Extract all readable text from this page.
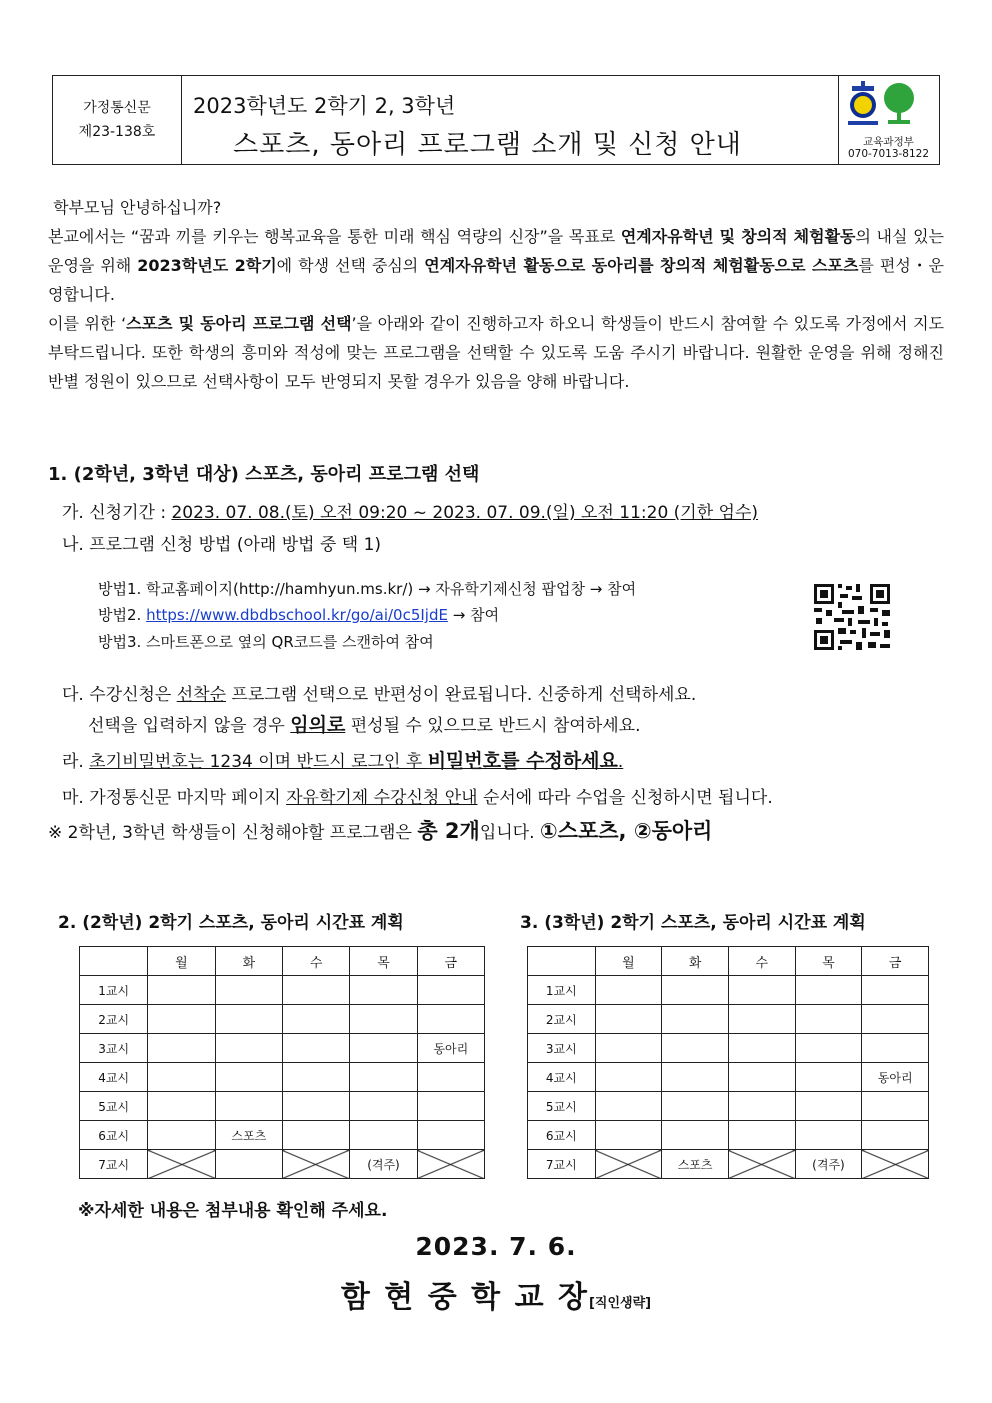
가정통신문
제23-138호
2023학년도 2학기 2, 3학년
스포츠, 동아리 프로그램 소개 및 신청 안내	교육과정부
070-7013-8122

학부모님 안녕하십니까?

본교에서는 “꿈과 끼를 키우는 행복교육을 통한 미래 핵심 역량의 신장”을 목표로 연계자유학년 및 창의적 체험활동의 내실 있는 운영을 위해 2023학년도 2학기에 학생 선택 중심의 연계자유학년 활동으로 동아리를 창의적 체험활동으로 스포츠를 편성・운영합니다.

이를 위한 ‘스포츠 및 동아리 프로그램 선택’을 아래와 같이 진행하고자 하오니 학생들이 반드시 참여할 수 있도록 가정에서 지도 부탁드립니다. 또한 학생의 흥미와 적성에 맞는 프로그램을 선택할 수 있도록 도움 주시기 바랍니다. 원활한 운영을 위해 정해진 반별 정원이 있으므로 선택사항이 모두 반영되지 못할 경우가 있음을 양해 바랍니다.

1. (2학년, 3학년 대상) 스포츠, 동아리 프로그램 선택
가. 신청기간 : 2023. 07. 08.(토) 오전 09:20 ~ 2023. 07. 09.(일) 오전 11:20 (기한 엄수)
나. 프로그램 신청 방법 (아래 방법 중 택 1)
방법1. 학교홈페이지(http://hamhyun.ms.kr/) → 자유학기제신청 팝업창 → 참여
방법2. https://www.dbdbschool.kr/go/ai/0c5IjdE → 참여
방법3. 스마트폰으로 옆의 QR코드를 스캔하여 참여
다. 수강신청은 선착순 프로그램 선택으로 반편성이 완료됩니다. 신중하게 선택하세요.
선택을 입력하지 않을 경우 임의로 편성될 수 있으므로 반드시 참여하세요.
라. 초기비밀번호는 1234 이며 반드시 로그인 후 비밀번호를 수정하세요.
마. 가정통신문 마지막 페이지 자유학기제 수강신청 안내 순서에 따라 수업을 신청하시면 됩니다.
※ 2학년, 3학년 학생들이 신청해야할 프로그램은 총 2개입니다. ①스포츠, ②동아리
2. (2학년) 2학기 스포츠, 동아리 시간표 계획	3. (3학년) 2학기 스포츠, 동아리 시간표 계획
	월	화	수	목	금
1교시					
2교시					
3교시					동아리
4교시					
5교시					
6교시		스포츠			
7교시				(격주)	
	월	화	수	목	금
1교시					
2교시					
3교시					
4교시					동아리
5교시					
6교시					
7교시		스포츠		(격주)	
※자세한 내용은 첨부내용 확인해 주세요.
2023. 7. 6.
함 현 중 학 교 장[직인생략]
